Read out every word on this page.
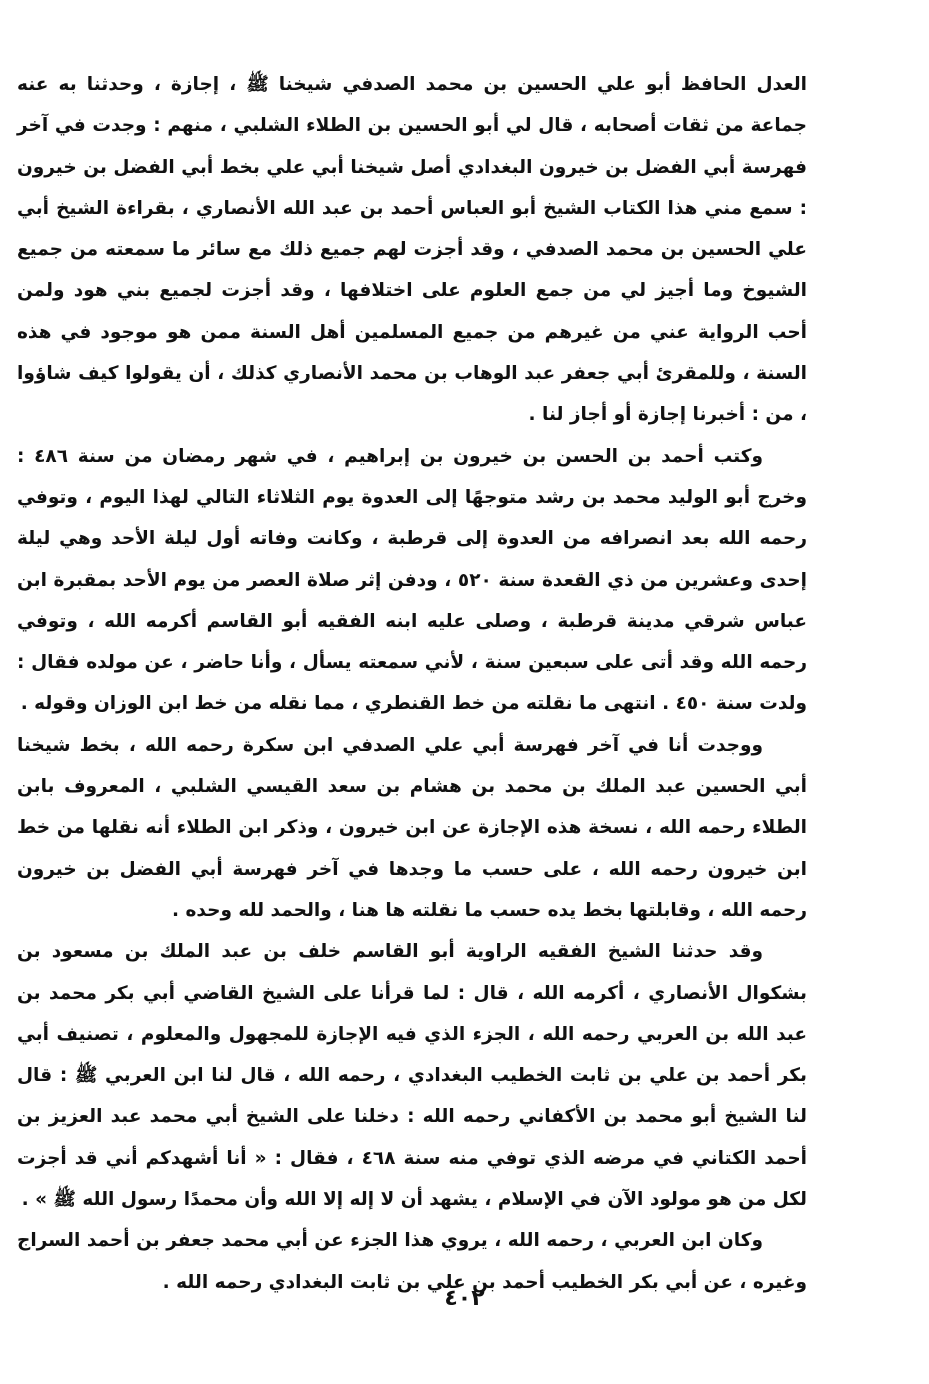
العدل الحافظ أبو علي الحسين بن محمد الصدفي شيخنا ﷺ ، إجازة ، وحدثنا به عنه جماعة من ثقات أصحابه ، قال لي أبو الحسين بن الطلاء الشلبي ، منهم : وجدت في آخر فهرسة أبي الفضل بن خيرون البغدادي أصل شيخنا أبي علي بخط أبي الفضل بن خيرون : سمع مني هذا الكتاب الشيخ أبو العباس أحمد بن عبد الله الأنصاري ، بقراءة الشيخ أبي علي الحسين بن محمد الصدفي ، وقد أجزت لهم جميع ذلك مع سائر ما سمعته من جميع الشيوخ وما أجيز لي من جمع العلوم على اختلافها ، وقد أجزت لجميع بني هود ولمن أحب الرواية عني من غيرهم من جميع المسلمين أهل السنة ممن هو موجود في هذه السنة ، وللمقرئ أبي جعفر عبد الوهاب بن محمد الأنصاري كذلك ، أن يقولوا كيف شاؤوا ، من : أخبرنا إجازة أو أجاز لنا .

وكتب أحمد بن الحسن بن خيرون بن إبراهيم ، في شهر رمضان من سنة ٤٨٦ : وخرج أبو الوليد محمد بن رشد متوجهًا إلى العدوة يوم الثلاثاء التالي لهذا اليوم ، وتوفي رحمه الله بعد انصرافه من العدوة إلى قرطبة ، وكانت وفاته أول ليلة الأحد وهي ليلة إحدى وعشرين من ذي القعدة سنة ٥٢٠ ، ودفن إثر صلاة العصر من يوم الأحد بمقبرة ابن عباس شرقي مدينة قرطبة ، وصلى عليه ابنه الفقيه أبو القاسم أكرمه الله ، وتوفي رحمه الله وقد أتى على سبعين سنة ، لأني سمعته يسأل ، وأنا حاضر ، عن مولده فقال : ولدت سنة ٤٥٠ . انتهى ما نقلته من خط القنطري ، مما نقله من خط ابن الوزان وقوله .

ووجدت أنا في آخر فهرسة أبي علي الصدفي ابن سكرة رحمه الله ، بخط شيخنا أبي الحسين عبد الملك بن محمد بن هشام بن سعد القيسي الشلبي ، المعروف بابن الطلاء رحمه الله ، نسخة هذه الإجازة عن ابن خيرون ، وذكر ابن الطلاء أنه نقلها من خط ابن خيرون رحمه الله ، على حسب ما وجدها في آخر فهرسة أبي الفضل بن خيرون رحمه الله ، وقابلتها بخط يده حسب ما نقلته ها هنا ، والحمد لله وحده .

وقد حدثنا الشيخ الفقيه الراوية أبو القاسم خلف بن عبد الملك بن مسعود بن بشكوال الأنصاري ، أكرمه الله ، قال : لما قرأنا على الشيخ القاضي أبي بكر محمد بن عبد الله بن العربي رحمه الله ، الجزء الذي فيه الإجازة للمجهول والمعلوم ، تصنيف أبي بكر أحمد بن علي بن ثابت الخطيب البغدادي ، رحمه الله ، قال لنا ابن العربي ﷺ : قال لنا الشيخ أبو محمد بن الأكفاني رحمه الله : دخلنا على الشيخ أبي محمد عبد العزيز بن أحمد الكتاني في مرضه الذي توفي منه سنة ٤٦٨ ، فقال : « أنا أشهدكم أني قد أجزت لكل من هو مولود الآن في الإسلام ، يشهد أن لا إله إلا الله وأن محمدًا رسول الله ﷺ » .

وكان ابن العربي ، رحمه الله ، يروي هذا الجزء عن أبي محمد جعفر بن أحمد السراج وغيره ، عن أبي بكر الخطيب أحمد بن علي بن ثابت البغدادي رحمه الله .

٤٠٢
